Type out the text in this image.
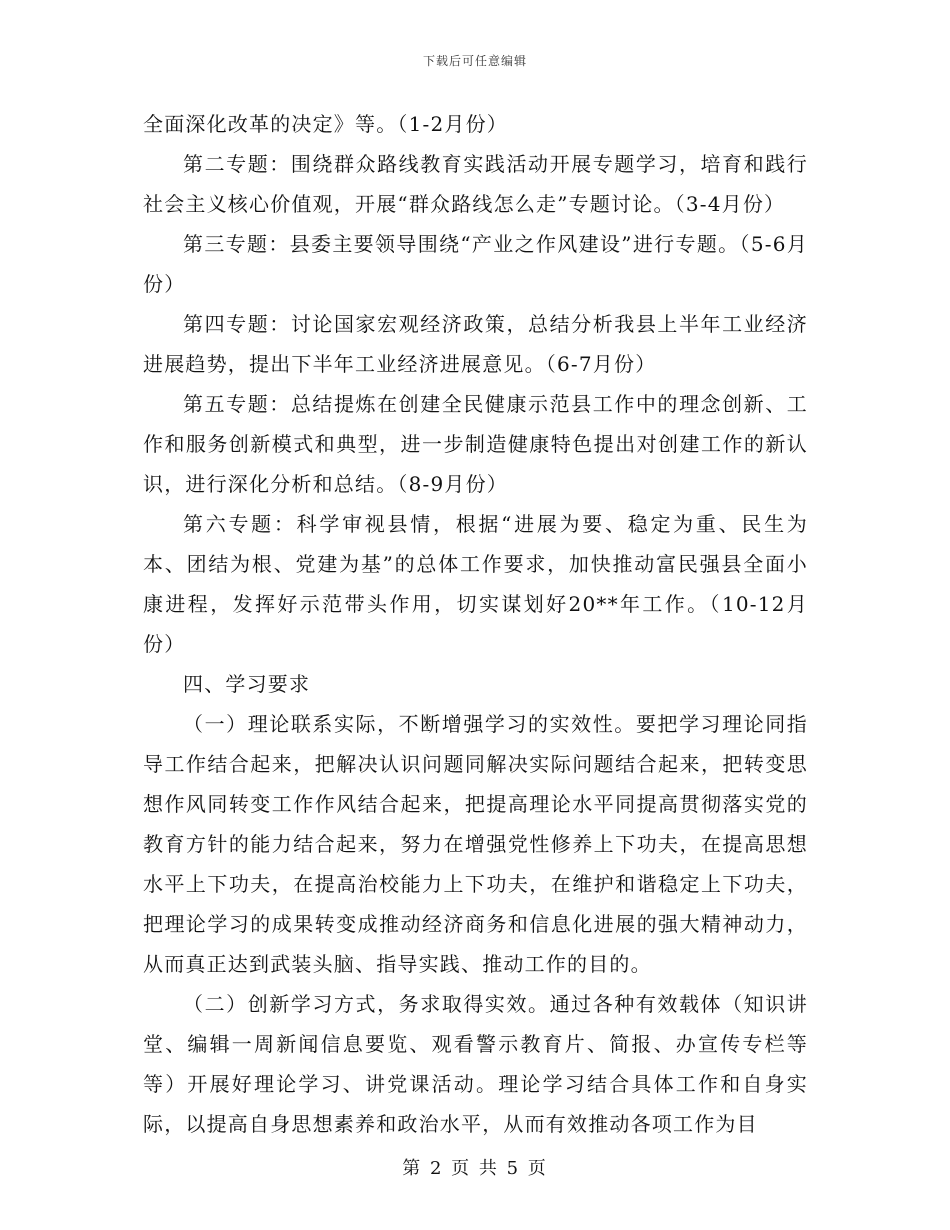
下载后可任意编辑

全面深化改革的决定》等。（1-2月份）

第二专题：围绕群众路线教育实践活动开展专题学习，培育和践行社会主义核心价值观，开展“群众路线怎么走”专题讨论。（3-4月份）

第三专题：县委主要领导围绕“产业之作风建设”进行专题。（5-6月份）

第四专题：讨论国家宏观经济政策，总结分析我县上半年工业经济进展趋势，提出下半年工业经济进展意见。（6-7月份）

第五专题：总结提炼在创建全民健康示范县工作中的理念创新、工作和服务创新模式和典型，进一步制造健康特色提出对创建工作的新认识，进行深化分析和总结。（8-9月份）

第六专题：科学审视县情，根据“进展为要、稳定为重、民生为本、团结为根、党建为基”的总体工作要求，加快推动富民强县全面小康进程，发挥好示范带头作用，切实谋划好20**年工作。（10-12月份）

四、学习要求

（一）理论联系实际，不断增强学习的实效性。要把学习理论同指导工作结合起来，把解决认识问题同解决实际问题结合起来，把转变思想作风同转变工作作风结合起来，把提高理论水平同提高贯彻落实党的教育方针的能力结合起来，努力在增强党性修养上下功夫，在提高思想水平上下功夫，在提高治校能力上下功夫，在维护和谐稳定上下功夫，把理论学习的成果转变成推动经济商务和信息化进展的强大精神动力，从而真正达到武装头脑、指导实践、推动工作的目的。

（二）创新学习方式，务求取得实效。通过各种有效载体（知识讲堂、编辑一周新闻信息要览、观看警示教育片、简报、办宣传专栏等等）开展好理论学习、讲党课活动。理论学习结合具体工作和自身实际，以提高自身思想素养和政治水平，从而有效推动各项工作为目

第 2 页 共 5 页
